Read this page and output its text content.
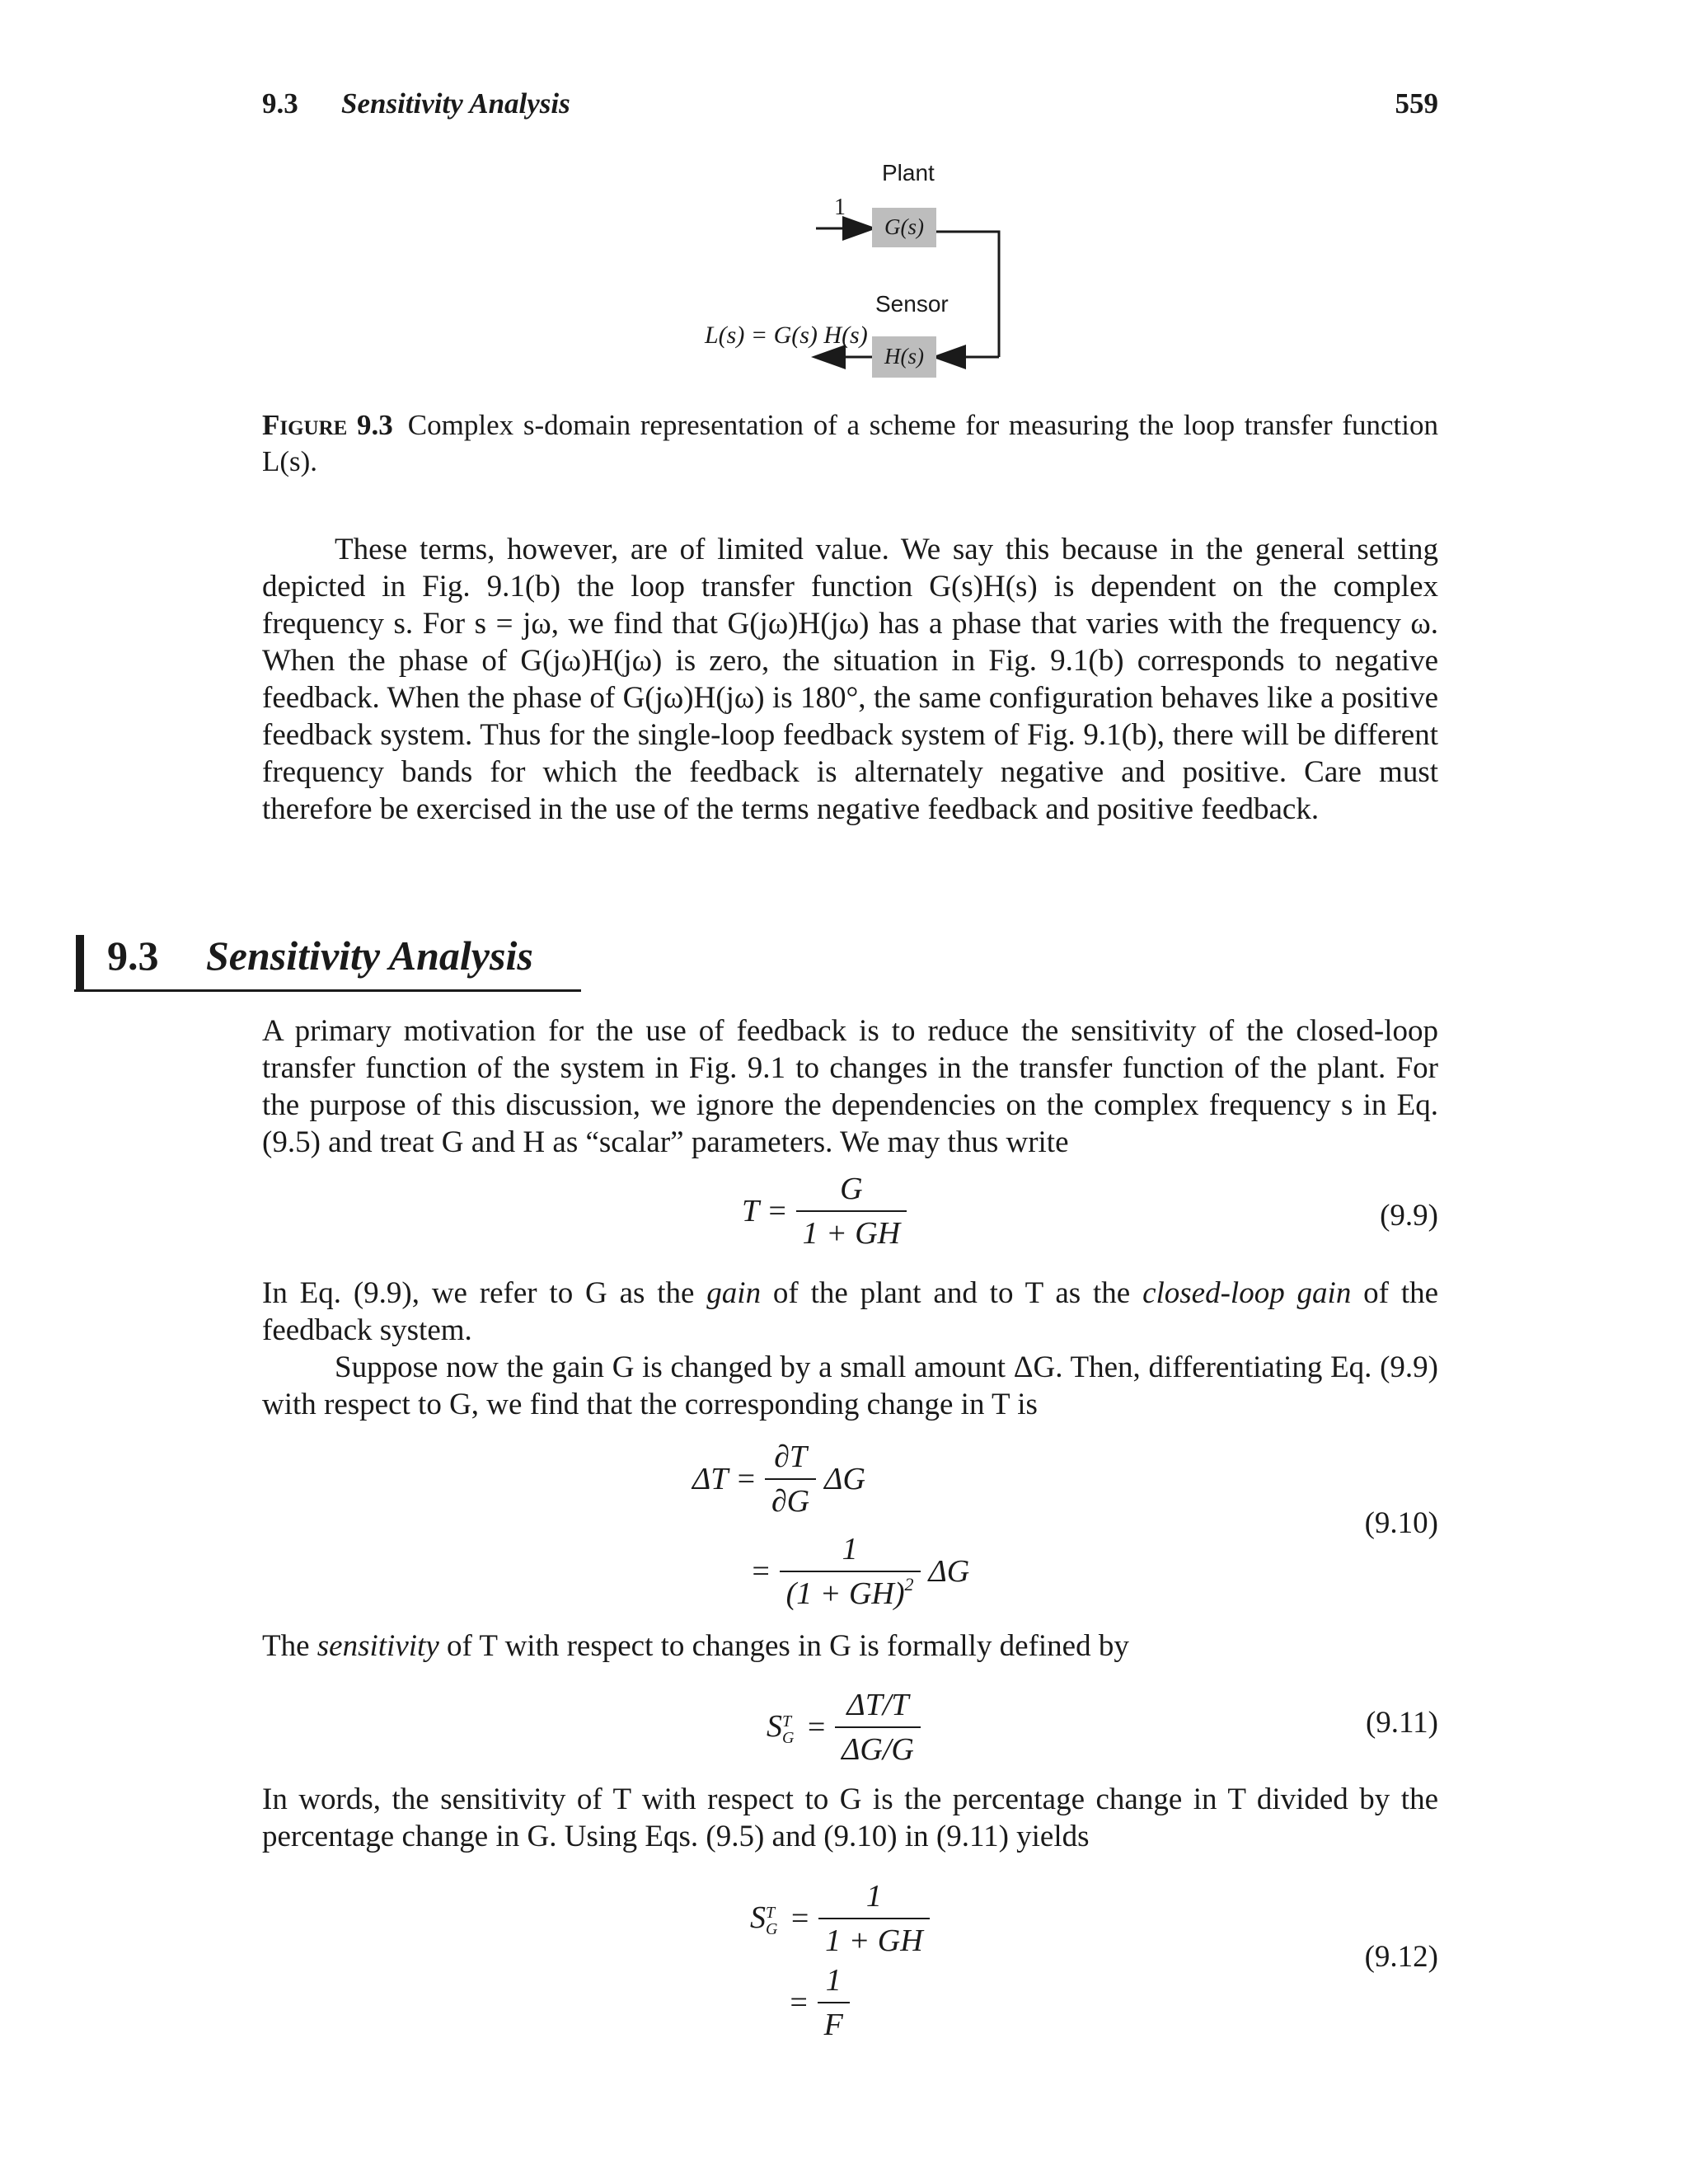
9.3 Sensitivity Analysis	559
Plant
1
G(s)
Sensor
H(s)
L(s) = G(s) H(s)
Figure 9.3 Complex s-domain representation of a scheme for measuring the loop transfer function L(s).
These terms, however, are of limited value. We say this because in the general setting depicted in Fig. 9.1(b) the loop transfer function G(s)H(s) is dependent on the complex frequency s. For s = jω, we find that G(jω)H(jω) has a phase that varies with the frequency ω. When the phase of G(jω)H(jω) is zero, the situation in Fig. 9.1(b) corresponds to negative feedback. When the phase of G(jω)H(jω) is 180°, the same configuration behaves like a positive feedback system. Thus for the single-loop feedback system of Fig. 9.1(b), there will be different frequency bands for which the feedback is alternately negative and positive. Care must therefore be exercised in the use of the terms negative feedback and positive feedback.
9.3 Sensitivity Analysis
A primary motivation for the use of feedback is to reduce the sensitivity of the closed-loop transfer function of the system in Fig. 9.1 to changes in the transfer function of the plant. For the purpose of this discussion, we ignore the dependencies on the complex frequency s in Eq. (9.5) and treat G and H as “scalar” parameters. We may thus write
$T = \frac{G}{1 + GH}$	(9.9)
In Eq. (9.9), we refer to G as the gain of the plant and to T as the closed-loop gain of the feedback system.
Suppose now the gain G is changed by a small amount ΔG. Then, differentiating Eq. (9.9) with respect to G, we find that the corresponding change in T is
$\Delta T = \frac{\partial T}{\partial G}$ ΔG
= $\frac{1}{(1 + GH)^2}$ ΔG
(9.10)
The sensitivity of T with respect to changes in G is formally defined by
S T
$G = \frac{\Delta T/T}{\Delta G/G}$	(9.11)
In words, the sensitivity of T with respect to G is the percentage change in T divided by the percentage change in G. Using Eqs. (9.5) and (9.10) in (9.11) yields
S T
$G = \frac{1}{1 + GH}$
= $\frac{1}{F}$
(9.12)
